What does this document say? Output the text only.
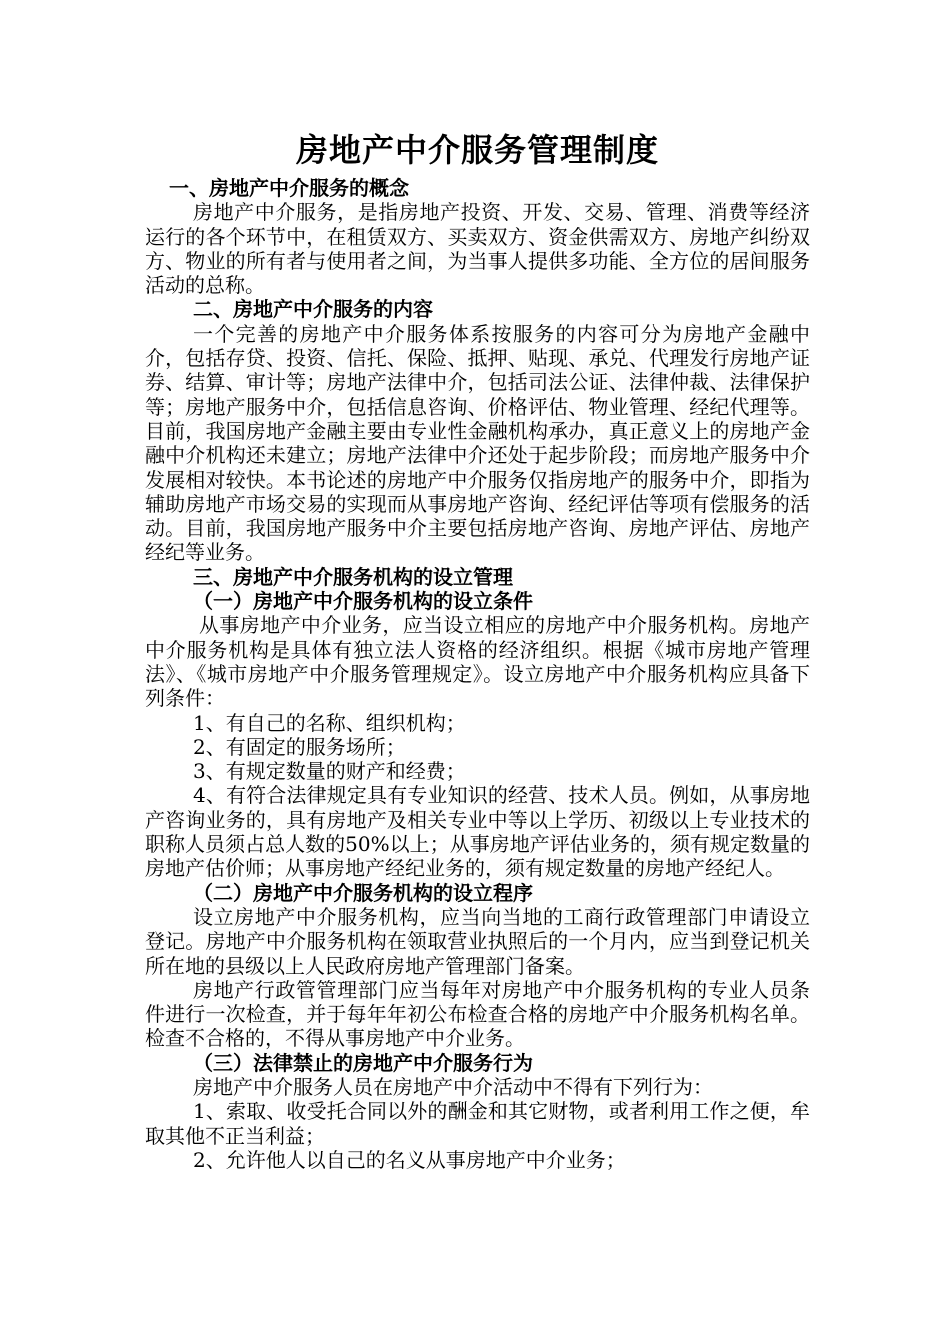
房地产中介服务管理制度
一、房地产中介服务的概念

房地产中介服务，是指房地产投资、开发、交易、管理、消费等经济运行的各个环节中，在租赁双方、买卖双方、资金供需双方、房地产纠纷双方、物业的所有者与使用者之间，为当事人提供多功能、全方位的居间服务活动的总称。

二、房地产中介服务的内容

一个完善的房地产中介服务体系按服务的内容可分为房地产金融中介，包括存贷、投资、信托、保险、抵押、贴现、承兑、代理发行房地产证券、结算、审计等；房地产法律中介，包括司法公证、法律仲裁、法律保护等；房地产服务中介，包括信息咨询、价格评估、物业管理、经纪代理等。目前，我国房地产金融主要由专业性金融机构承办，真正意义上的房地产金融中介机构还未建立；房地产法律中介还处于起步阶段；而房地产服务中介发展相对较快。本书论述的房地产中介服务仅指房地产的服务中介，即指为辅助房地产市场交易的实现而从事房地产咨询、经纪评估等项有偿服务的活动。目前，我国房地产服务中介主要包括房地产咨询、房地产评估、房地产经纪等业务。

三、房地产中介服务机构的设立管理
（一）房地产中介服务机构的设立条件

从事房地产中介业务，应当设立相应的房地产中介服务机构。房地产中介服务机构是具体有独立法人资格的经济组织。根据《城市房地产管理法》、《城市房地产中介服务管理规定》。设立房地产中介服务机构应具备下列条件：

1、有自己的名称、组织机构；

2、有固定的服务场所；

3、有规定数量的财产和经费；

4、有符合法律规定具有专业知识的经营、技术人员。例如，从事房地产咨询业务的，具有房地产及相关专业中等以上学历、初级以上专业技术的职称人员须占总人数的50%以上；从事房地产评估业务的，须有规定数量的房地产估价师；从事房地产经纪业务的，须有规定数量的房地产经纪人。

（二）房地产中介服务机构的设立程序

设立房地产中介服务机构，应当向当地的工商行政管理部门申请设立登记。房地产中介服务机构在领取营业执照后的一个月内，应当到登记机关所在地的县级以上人民政府房地产管理部门备案。

房地产行政管管理部门应当每年对房地产中介服务机构的专业人员条件进行一次检查，并于每年年初公布检查合格的房地产中介服务机构名单。检查不合格的，不得从事房地产中介业务。

（三）法律禁止的房地产中介服务行为

房地产中介服务人员在房地产中介活动中不得有下列行为：

1、索取、收受托合同以外的酬金和其它财物，或者利用工作之便，牟取其他不正当利益；

2、允许他人以自己的名义从事房地产中介业务；
